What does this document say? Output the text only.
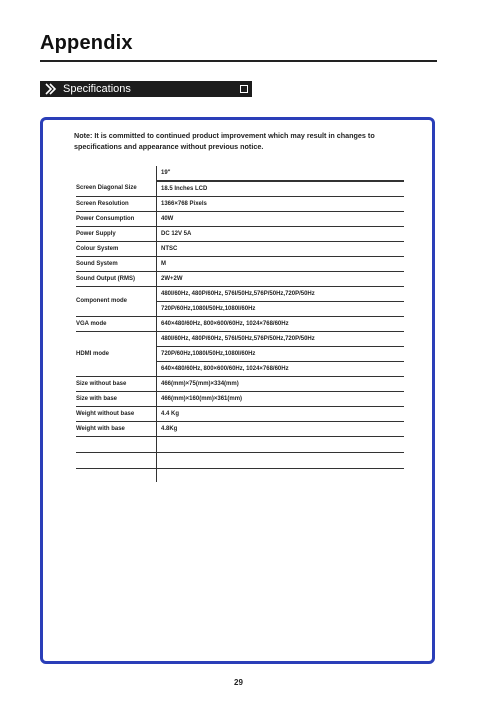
Appendix
Specifications
Note: It is committed to continued product improvement which may result in changes to specifications and appearance without previous notice.
	19"
Screen Diagonal Size	18.5 Inches LCD
Screen Resolution	1366×768 Pixels
Power Consumption	40W
Power Supply	DC 12V 5A
Colour System	NTSC
Sound System	M
Sound Output (RMS)	2W+2W
Component mode	480I/60Hz, 480P/60Hz, 576I/50Hz,576P/50Hz,720P/50Hz
	720P/60Hz,1080I/50Hz,1080I/60Hz
VGA mode	640×480/60Hz, 800×600/60Hz, 1024×768/60Hz
HDMI mode	480I/60Hz, 480P/60Hz, 576I/50Hz,576P/50Hz,720P/50Hz
	720P/60Hz,1080I/50Hz,1080I/60Hz
	640×480/60Hz, 800×600/60Hz, 1024×768/60Hz
Size without base	466(mm)×75(mm)×334(mm)
Size with base	466(mm)×160(mm)×361(mm)
Weight without base	4.4 Kg
Weight with base	4.8Kg

29
